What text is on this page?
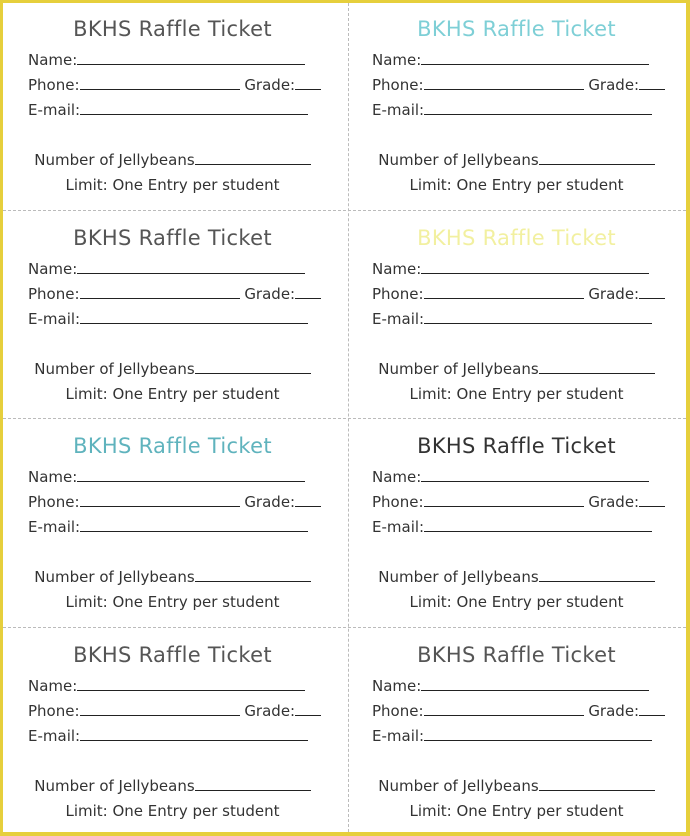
BKHS Raffle Ticket
Name:
Phone:	Grade:
E-mail:
Number of Jellybeans
Limit: One Entry per student
BKHS Raffle Ticket
Name:
Phone:	Grade:
E-mail:
Number of Jellybeans
Limit: One Entry per student
BKHS Raffle Ticket
Name:
Phone:	Grade:
E-mail:
Number of Jellybeans
Limit: One Entry per student
BKHS Raffle Ticket
Name:
Phone:	Grade:
E-mail:
Number of Jellybeans
Limit: One Entry per student
BKHS Raffle Ticket
Name:
Phone:	Grade:
E-mail:
Number of Jellybeans
Limit: One Entry per student
BKHS Raffle Ticket
Name:
Phone:	Grade:
E-mail:
Number of Jellybeans
Limit: One Entry per student
BKHS Raffle Ticket
Name:
Phone:	Grade:
E-mail:
Number of Jellybeans
Limit: One Entry per student
BKHS Raffle Ticket
Name:
Phone:	Grade:
E-mail:
Number of Jellybeans
Limit: One Entry per student
